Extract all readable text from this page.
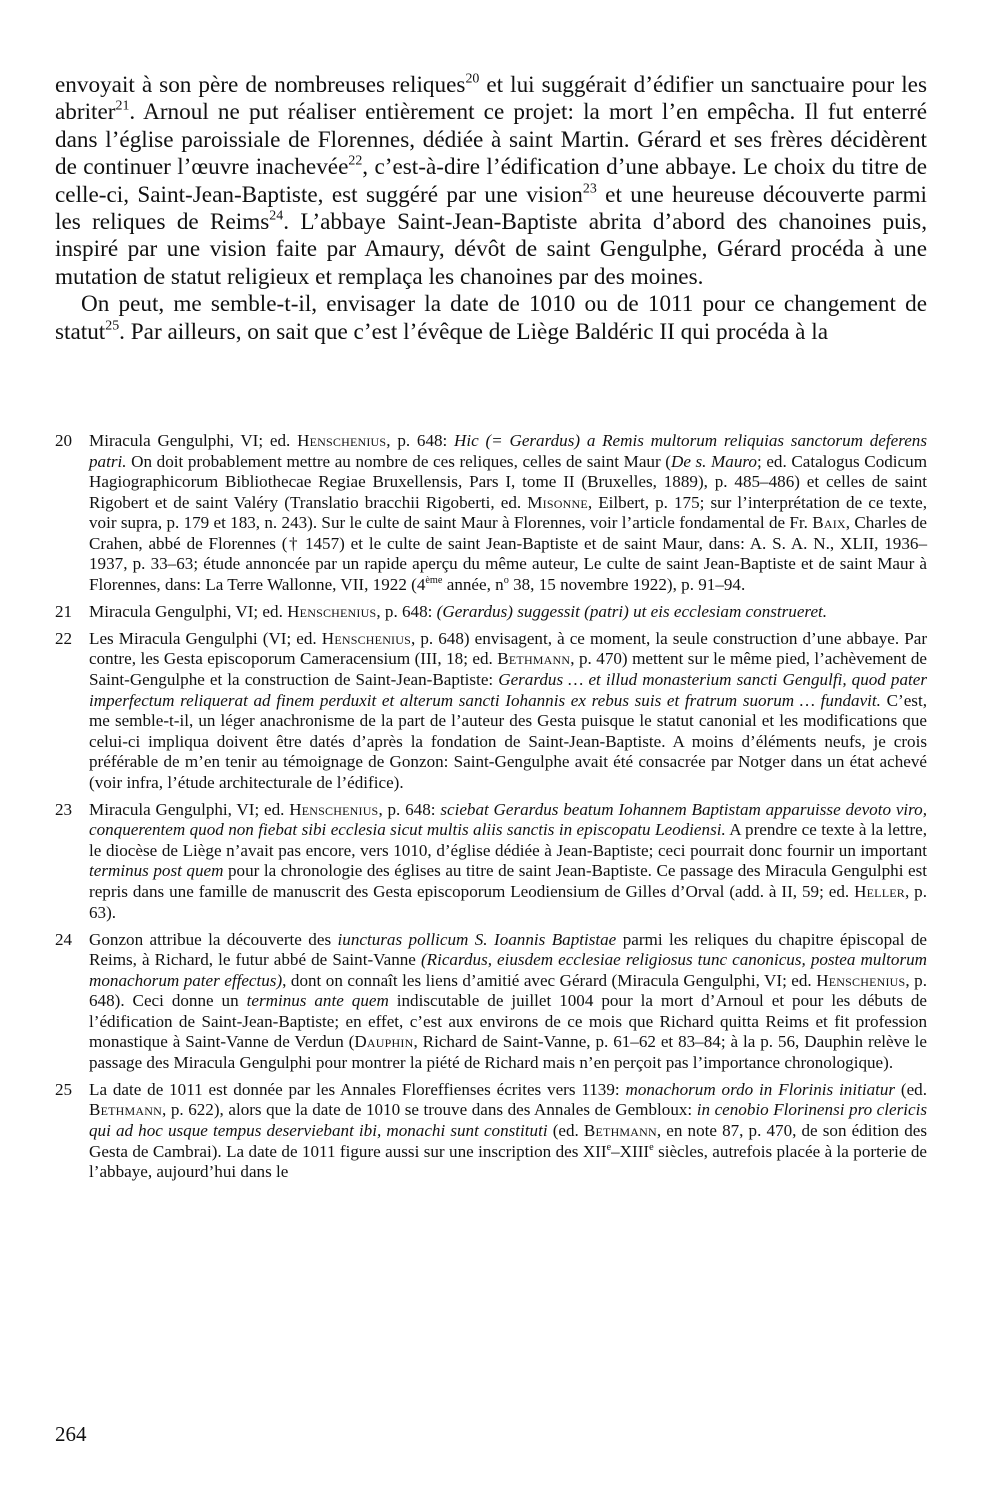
envoyait à son père de nombreuses reliques$^{20}$ et lui suggérait d’édifier un sanctuaire pour les abriter$^{21}$. Arnoul ne put réaliser entièrement ce projet: la mort l’en empêcha. Il fut enterré dans l’église paroissiale de Florennes, dédiée à saint Martin. Gérard et ses frères décidèrent de continuer l’œuvre inachevée$^{22}$, c’est-à-dire l’édification d’une abbaye. Le choix du titre de celle-ci, Saint-Jean-Baptiste, est suggéré par une vision$^{23}$ et une heureuse découverte parmi les reliques de Reims$^{24}$. L’abbaye Saint-Jean-Baptiste abrita d’abord des chanoines puis, inspiré par une vision faite par Amaury, dévôt de saint Gengulphe, Gérard procéda à une mutation de statut religieux et remplaça les chanoines par des moines.

On peut, me semble-t-il, envisager la date de 1010 ou de 1011 pour ce changement de statut$^{25}$. Par ailleurs, on sait que c’est l’évêque de Liège Baldéric II qui procéda à la

20 Miracula Gengulphi, VI; ed. Henschenius, p. 648: Hic (= Gerardus) a Remis multorum reliquias sanctorum deferens patri. On doit probablement mettre au nombre de ces reliques, celles de saint Maur (De s. Mauro; ed. Catalogus Codicum Hagiographicorum Bibliothecae Regiae Bruxellensis, Pars I, tome II (Bruxelles, 1889), p. 485–486) et celles de saint Rigobert et de saint Valéry (Translatio bracchii Rigoberti, ed. Misonne, Eilbert, p. 175; sur l’interprétation de ce texte, voir supra, p. 179 et 183, n. 243). Sur le culte de saint Maur à Florennes, voir l’article fondamental de Fr. Baix, Charles de Crahen, abbé de Florennes († 1457) et le culte de saint Jean-Baptiste et de saint Maur, dans: A. S. A. N., XLII, 1936–1937, p. 33–63; étude annoncée par un rapide aperçu du même auteur, Le culte de saint Jean-Baptiste et de saint Maur à Florennes, dans: La Terre Wallonne, VII, 1922 (4ème année, $n^o$ 38, 15 novembre 1922), p. 91–94.
21 Miracula Gengulphi, VI; ed. Henschenius, p. 648: (Gerardus) suggessit (patri) ut eis ecclesiam construeret.
22 Les Miracula Gengulphi (VI; ed. Henschenius, p. 648) envisagent, à ce moment, la seule construction d’une abbaye. Par contre, les Gesta episcoporum Cameracensium (III, 18; ed. Bethmann, p. 470) mettent sur le même pied, l’achèvement de Saint-Gengulphe et la construction de Saint-Jean-Baptiste: Gerardus … et illud monasterium sancti Gengulfi, quod pater imperfectum reliquerat ad finem perduxit et alterum sancti Iohannis ex rebus suis et fratrum suorum … fundavit. C’est, me semble-t-il, un léger anachronisme de la part de l’auteur des Gesta puisque le statut canonial et les modifications que celui-ci impliqua doivent être datés d’après la fondation de Saint-Jean-Baptiste. A moins d’éléments neufs, je crois préférable de m’en tenir au témoignage de Gonzon: Saint-Gengulphe avait été consacrée par Notger dans un état achevé (voir infra, l’étude architecturale de l’édifice).
23 Miracula Gengulphi, VI; ed. Henschenius, p. 648: sciebat Gerardus beatum Iohannem Baptistam apparuisse devoto viro, conquerentem quod non fiebat sibi ecclesia sicut multis aliis sanctis in episcopatu Leodiensi. A prendre ce texte à la lettre, le diocèse de Liège n’avait pas encore, vers 1010, d’église dédiée à Jean-Baptiste; ceci pourrait donc fournir un important terminus post quem pour la chronologie des églises au titre de saint Jean-Baptiste. Ce passage des Miracula Gengulphi est repris dans une famille de manuscrit des Gesta episcoporum Leodiensium de Gilles d’Orval (add. à II, 59; ed. Heller, p. 63).
24 Gonzon attribue la découverte des iuncturas pollicum S. Ioannis Baptistae parmi les reliques du chapitre épiscopal de Reims, à Richard, le futur abbé de Saint-Vanne (Ricardus, eiusdem ecclesiae religiosus tunc canonicus, postea multorum monachorum pater effectus), dont on connaît les liens d’amitié avec Gérard (Miracula Gengulphi, VI; ed. Henschenius, p. 648). Ceci donne un terminus ante quem indiscutable de juillet 1004 pour la mort d’Arnoul et pour les débuts de l’édification de Saint-Jean-Baptiste; en effet, c’est aux environs de ce mois que Richard quitta Reims et fit profession monastique à Saint-Vanne de Verdun (Dauphin, Richard de Saint-Vanne, p. 61–62 et 83–84; à la p. 56, Dauphin relève le passage des Miracula Gengulphi pour montrer la piété de Richard mais n’en perçoit pas l’importance chronologique).
25 La date de 1011 est donnée par les Annales Floreffienses écrites vers 1139: monachorum ordo in Florinis initiatur (ed. Bethmann, p. 622), alors que la date de 1010 se trouve dans des Annales de Gembloux: in cenobio Florinensi pro clericis qui ad hoc usque tempus deserviebant ibi, monachi sunt constituti (ed. Bethmann, en note 87, p. 470, de son édition des Gesta de Cambrai). La date de 1011 figure aussi sur une inscription des XIIe–XIIIe siècles, autrefois placée à la porterie de l’abbaye, aujourd’hui dans le
264
